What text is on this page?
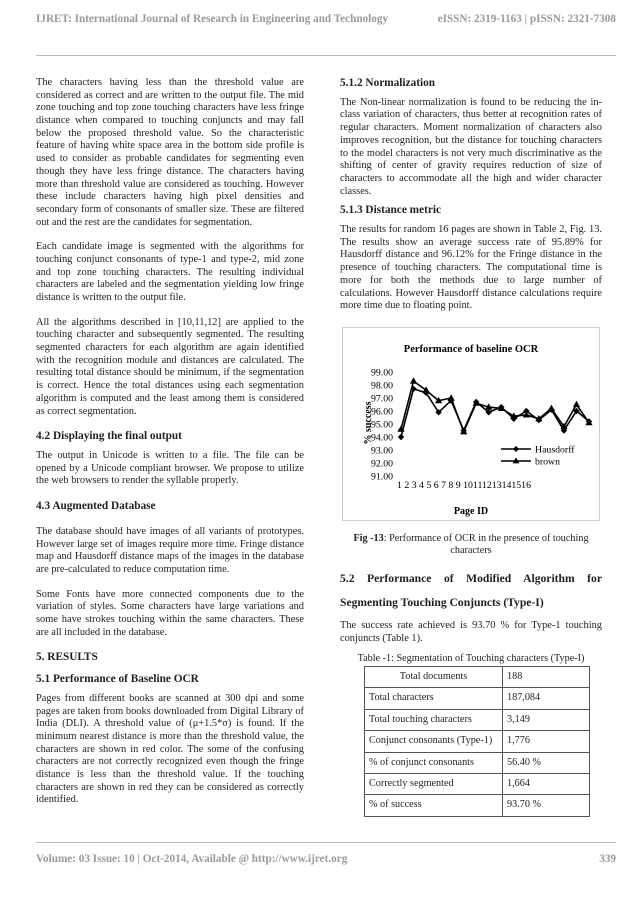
IJRET: International Journal of Research in Engineering and Technology	eISSN: 2319-1163 | pISSN: 2321-7308

The characters having less than the threshold value are considered as correct and are written to the output file. The mid zone touching and top zone touching characters have less fringe distance when compared to touching conjuncts and may fall below the proposed threshold value. So the characteristic feature of having white space area in the bottom side profile is used to consider as probable candidates for segmenting even though they have less fringe distance. The characters having more than threshold value are considered as touching. However these include characters having high pixel densities and secondary form of consonants of smaller size. These are filtered out and the rest are the candidates for segmentation.

Each candidate image is segmented with the algorithms for touching conjunct consonants of type-1 and type-2, mid zone and top zone touching characters. The resulting individual characters are labeled and the segmentation yielding low fringe distance is written to the output file.

All the algorithms described in [10,11,12] are applied to the touching character and subsequently segmented. The resulting segmented characters for each algorithm are again identified with the recognition module and distances are calculated. The resulting total distance should be minimum, if the segmentation is correct. Hence the total distances using each segmentation algorithm is computed and the least among them is considered as correct segmentation.

4.2 Displaying the final output

The output in Unicode is written to a file. The file can be opened by a Unicode compliant browser. We propose to utilize the web browsers to render the syllable properly.

4.3 Augmented Database

The database should have images of all variants of prototypes. However large set of images require more time. Fringe distance map and Hausdorff distance maps of the images in the database are pre-calculated to reduce computation time.

Some Fonts have more connected components due to the variation of styles. Some characters have large variations and some have strokes touching within the same characters. These are all included in the database.

5. RESULTS
5.1 Performance of Baseline OCR

Pages from different books are scanned at 300 dpi and some pages are taken from books downloaded from Digital Library of India (DLI). A threshold value of (μ+1.5*σ) is found. If the minimum nearest distance is more than the threshold value, the characters are shown in red color. The some of the confusing characters are not correctly recognized even though the fringe distance is less than the threshold value. If the touching characters are shown in red they can be considered as correctly identified.

5.1.2 Normalization

The Non-linear normalization is found to be reducing the in-class variation of characters, thus better at recognition rates of regular characters. Moment normalization of characters also improves recognition, but the distance for touching characters to the model characters is not very much discriminative as the shifting of center of gravity requires reduction of size of characters to accommodate all the high and wider character classes.

5.1.3 Distance metric

The results for random 16 pages are shown in Table 2, Fig. 13. The results show an average success rate of 95.89% for Hausdorff distance and 96.12% for the Fringe distance in the presence of touching characters. The computational time is more for both the methods due to large number of calculations. However Hausdorff distance calculations require more time due to floating point.

Performance of baseline OCR
Page ID
% success
1 2 3 4 5 6 7 8 9 10111213141516
99.00
98.00
97.00
96.00
95.00
94.00
93.00
92.00
91.00
Hausdorff
brown

Fig -13: Performance of OCR in the presence of touching characters

5.2 Performance of Modified Algorithm for
Segmenting Touching Conjuncts (Type-I)

The success rate achieved is 93.70 % for Type-1 touching conjuncts (Table 1).

Table -1: Segmentation of Touching characters (Type-I)
Total documents	188
Total characters	187,084
Total touching characters	3,149
Conjunct consonants (Type-1)	1,776
% of conjunct consonants	56.40 %
Correctly segmented	1,664
% of success	93.70 %
Volume: 03 Issue: 10 | Oct-2014, Available @ http://www.ijret.org	339
